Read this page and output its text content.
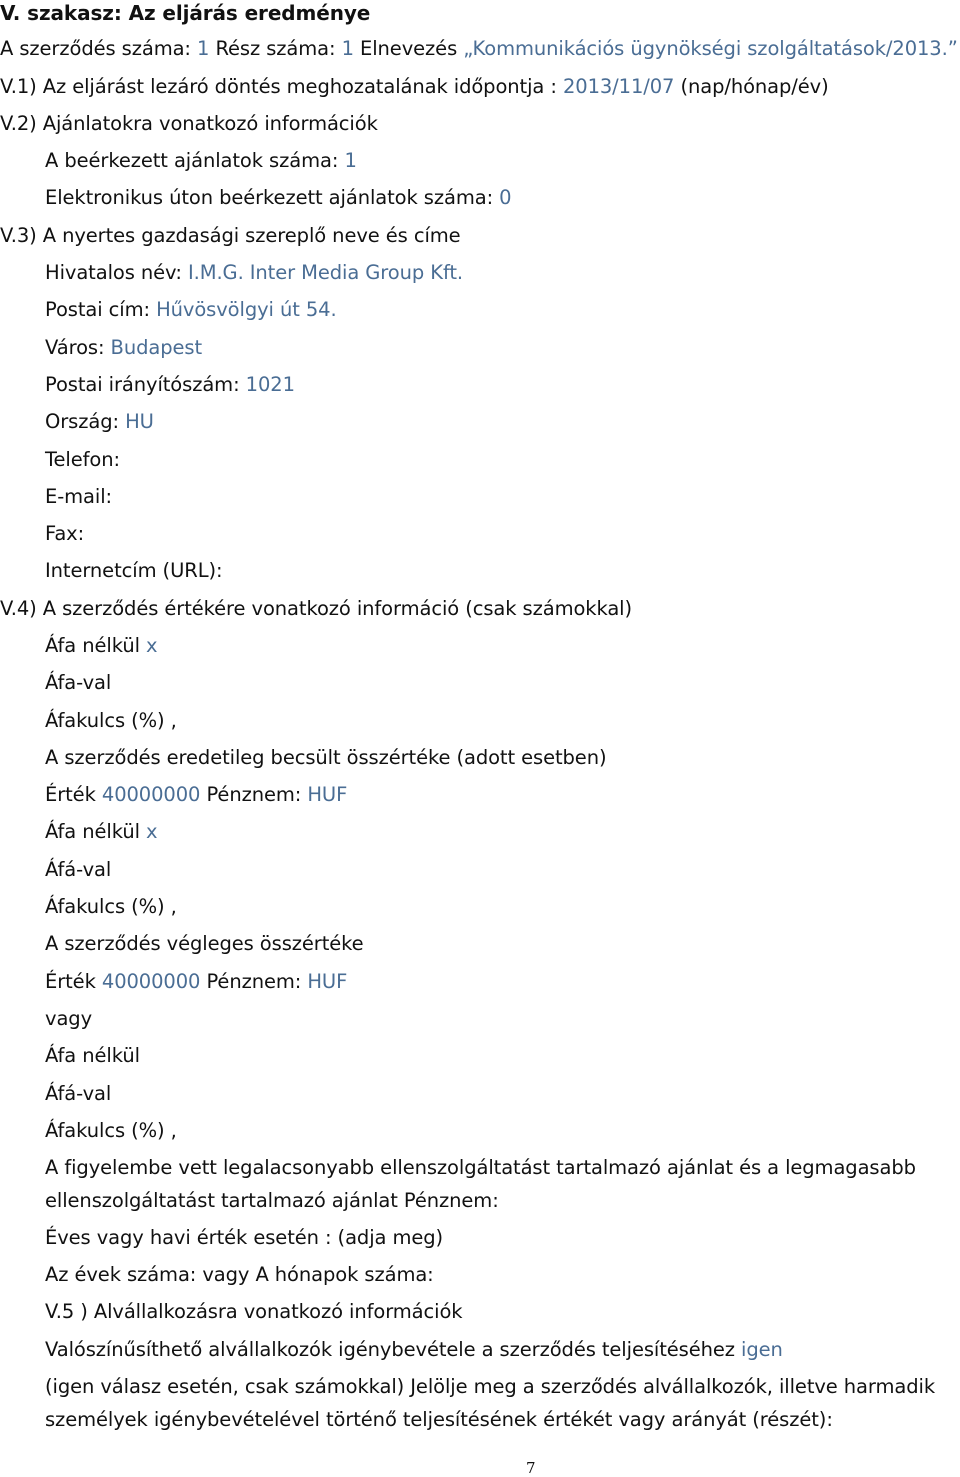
V. szakasz: Az eljárás eredménye
A szerződés száma: 1 Rész száma: 1 Elnevezés „Kommunikációs ügynökségi szolgáltatások/2013.”
V.1) Az eljárást lezáró döntés meghozatalának időpontja : 2013/11/07 (nap/hónap/év)
V.2) Ajánlatokra vonatkozó információk
A beérkezett ajánlatok száma: 1
Elektronikus úton beérkezett ajánlatok száma: 0
V.3) A nyertes gazdasági szereplő neve és címe
Hivatalos név: I.M.G. Inter Media Group Kft.
Postai cím: Hűvösvölgyi út 54.
Város: Budapest
Postai irányítószám: 1021
Ország: HU
Telefon:
E-mail:
Fax:
Internetcím (URL):
V.4) A szerződés értékére vonatkozó információ (csak számokkal)
Áfa nélkül x
Áfa-val
Áfakulcs (%) ,
A szerződés eredetileg becsült összértéke (adott esetben)
Érték 40000000 Pénznem: HUF
Áfa nélkül x
Áfá-val
Áfakulcs (%) ,
A szerződés végleges összértéke
Érték 40000000 Pénznem: HUF
vagy
Áfa nélkül
Áfá-val
Áfakulcs (%) ,
A figyelembe vett legalacsonyabb ellenszolgáltatást tartalmazó ajánlat és a legmagasabb
ellenszolgáltatást tartalmazó ajánlat Pénznem:
Éves vagy havi érték esetén : (adja meg)
Az évek száma: vagy A hónapok száma:
V.5 ) Alvállalkozásra vonatkozó információk
Valószínűsíthető alvállalkozók igénybevétele a szerződés teljesítéséhez igen
(igen válasz esetén, csak számokkal) Jelölje meg a szerződés alvállalkozók, illetve harmadik
személyek igénybevételével történő teljesítésének értékét vagy arányát (részét):
7
